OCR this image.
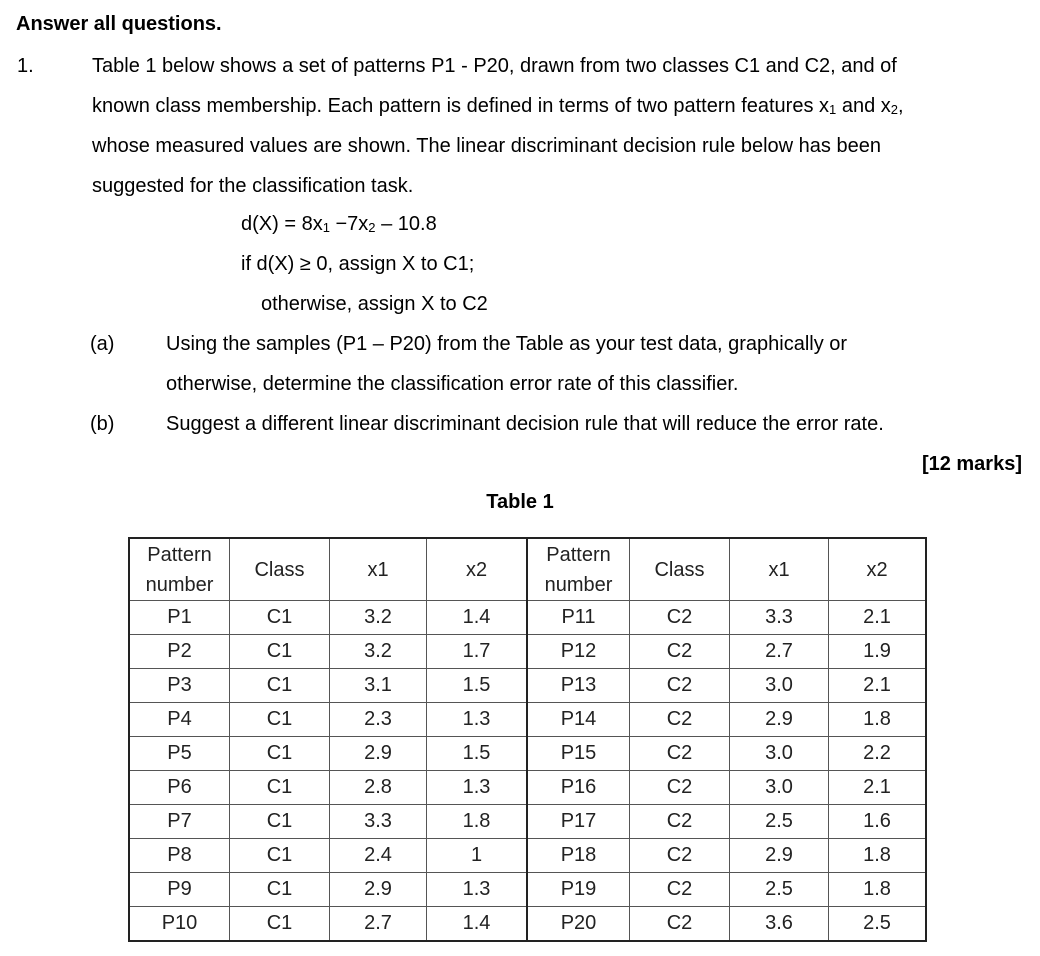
Answer all questions.
1.	Table 1 below shows a set of patterns P1 - P20, drawn from two classes C1 and C2, and of
known class membership. Each pattern is defined in terms of two pattern features $x_1$ and $x_2$,
whose measured values are shown. The linear discriminant decision rule below has been
suggested for the classification task.
$d(X) = 8x_1 -7x_2 - 10.8$
if d(X) ≥ 0, assign X to C1;
otherwise, assign X to C2
(a)	Using the samples (P1 – P20) from the Table as your test data, graphically or
otherwise, determine the classification error rate of this classifier.
(b)	Suggest a different linear discriminant decision rule that will reduce the error rate.
[12 marks]
Table 1
Pattern
number	Class	x1	x2	Pattern
number	Class	x1	x2
P1	C1	3.2	1.4	P11	C2	3.3	2.1
P2	C1	3.2	1.7	P12	C2	2.7	1.9
P3	C1	3.1	1.5	P13	C2	3.0	2.1
P4	C1	2.3	1.3	P14	C2	2.9	1.8
P5	C1	2.9	1.5	P15	C2	3.0	2.2
P6	C1	2.8	1.3	P16	C2	3.0	2.1
P7	C1	3.3	1.8	P17	C2	2.5	1.6
P8	C1	2.4	1	P18	C2	2.9	1.8
P9	C1	2.9	1.3	P19	C2	2.5	1.8
P10	C1	2.7	1.4	P20	C2	3.6	2.5
